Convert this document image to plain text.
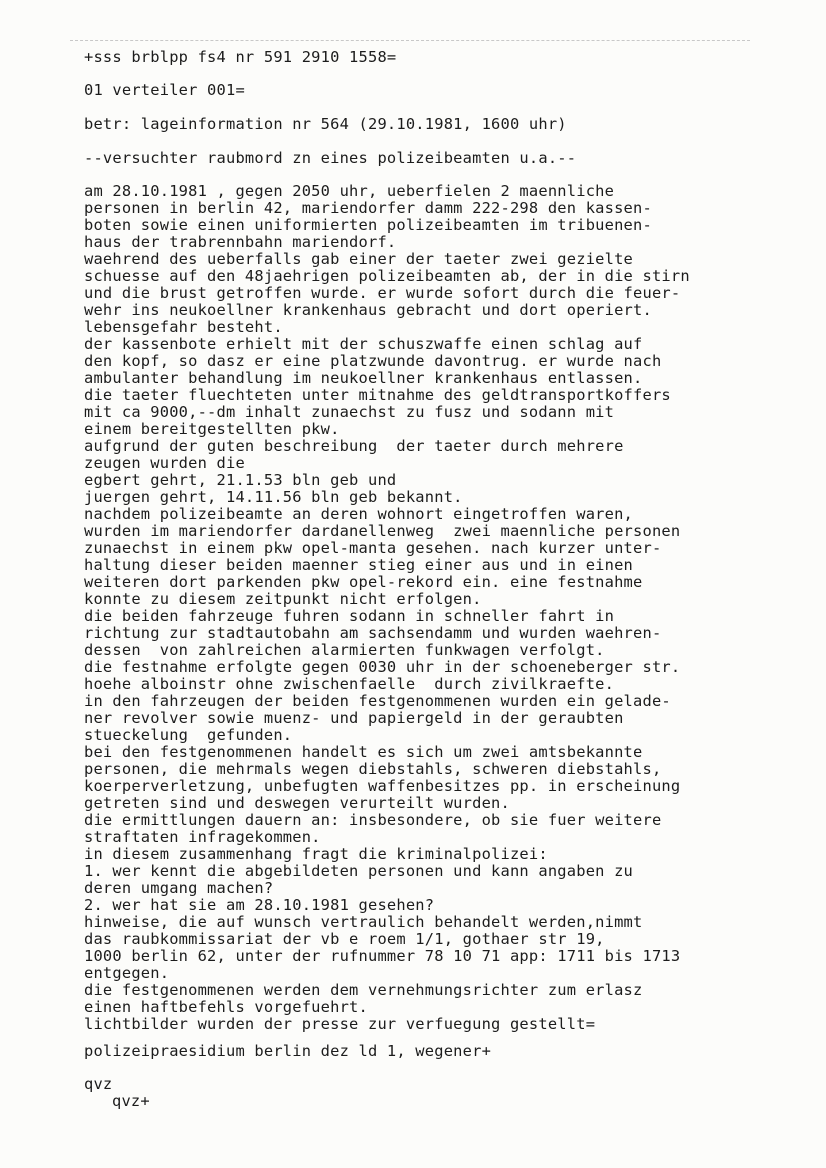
+sss brblpp fs4 nr 591 2910 1558=
01 verteiler 001=
betr: lageinformation nr 564 (29.10.1981, 1600 uhr)
--versuchter raubmord zn eines polizeibeamten u.a.--
am 28.10.1981 , gegen 2050 uhr, ueberfielen 2 maennliche
personen in berlin 42, mariendorfer damm 222-298 den kassen-
boten sowie einen uniformierten polizeibeamten im tribuenen-
haus der trabrennbahn mariendorf.
waehrend des ueberfalls gab einer der taeter zwei gezielte
schuesse auf den 48jaehrigen polizeibeamten ab, der in die stirn
und die brust getroffen wurde. er wurde sofort durch die feuer-
wehr ins neukoellner krankenhaus gebracht und dort operiert.
lebensgefahr besteht.
der kassenbote erhielt mit der schuszwaffe einen schlag auf
den kopf, so dasz er eine platzwunde davontrug. er wurde nach
ambulanter behandlung im neukoellner krankenhaus entlassen.
die taeter fluechteten unter mitnahme des geldtransportkoffers
mit ca 9000,--dm inhalt zunaechst zu fusz und sodann mit
einem bereitgestellten pkw.
aufgrund der guten beschreibung  der taeter durch mehrere
zeugen wurden die
egbert gehrt, 21.1.53 bln geb und
juergen gehrt, 14.11.56 bln geb bekannt.
nachdem polizeibeamte an deren wohnort eingetroffen waren,
wurden im mariendorfer dardanellenweg  zwei maennliche personen
zunaechst in einem pkw opel-manta gesehen. nach kurzer unter-
haltung dieser beiden maenner stieg einer aus und in einen
weiteren dort parkenden pkw opel-rekord ein. eine festnahme
konnte zu diesem zeitpunkt nicht erfolgen.
die beiden fahrzeuge fuhren sodann in schneller fahrt in
richtung zur stadtautobahn am sachsendamm und wurden waehren-
dessen  von zahlreichen alarmierten funkwagen verfolgt.
die festnahme erfolgte gegen 0030 uhr in der schoeneberger str.
hoehe alboinstr ohne zwischenfaelle  durch zivilkraefte.
in den fahrzeugen der beiden festgenommenen wurden ein gelade-
ner revolver sowie muenz- und papiergeld in der geraubten
stueckelung  gefunden.
bei den festgenommenen handelt es sich um zwei amtsbekannte
personen, die mehrmals wegen diebstahls, schweren diebstahls,
koerperverletzung, unbefugten waffenbesitzes pp. in erscheinung
getreten sind und deswegen verurteilt wurden.
die ermittlungen dauern an: insbesondere, ob sie fuer weitere
straftaten infragekommen.
in diesem zusammenhang fragt die kriminalpolizei:
1. wer kennt die abgebildeten personen und kann angaben zu
deren umgang machen?
2. wer hat sie am 28.10.1981 gesehen?
hinweise, die auf wunsch vertraulich behandelt werden,nimmt
das raubkommissariat der vb e roem 1/1, gothaer str 19,
1000 berlin 62, unter der rufnummer 78 10 71 app: 1711 bis 1713
entgegen.
die festgenommenen werden dem vernehmungsrichter zum erlasz
einen haftbefehls vorgefuehrt.
lichtbilder wurden der presse zur verfuegung gestellt=
polizeipraesidium berlin dez ld 1, wegener+
qvz
qvz+
